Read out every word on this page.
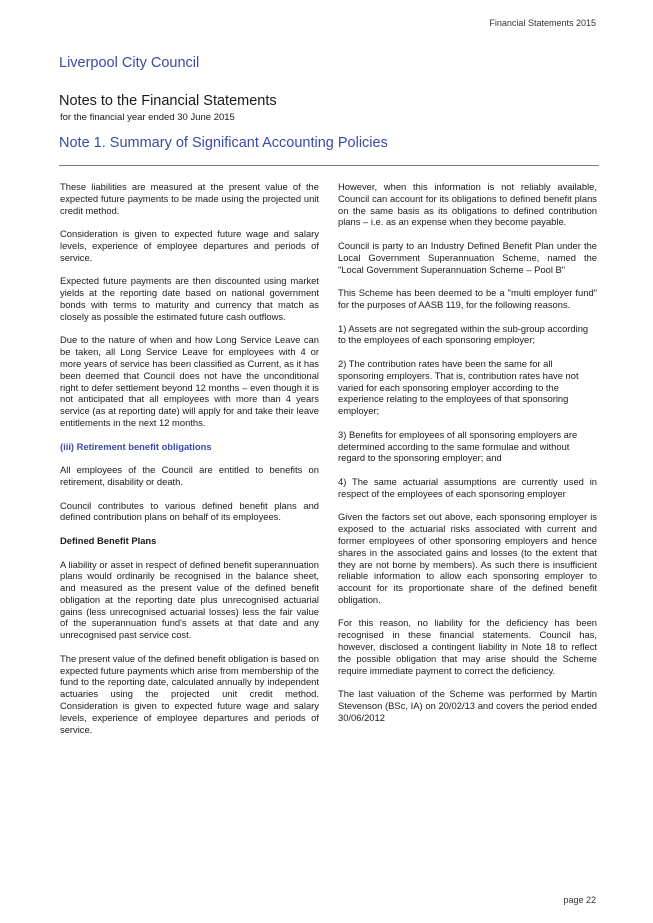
Financial Statements 2015
Liverpool City Council
Notes to the Financial Statements
for the financial year ended 30 June 2015
Note 1. Summary of Significant Accounting Policies

These liabilities are measured at the present value of the expected future payments to be made using the projected unit credit method.

Consideration is given to expected future wage and salary levels, experience of employee departures and periods of service.

Expected future payments are then discounted using market yields at the reporting date based on national government bonds with terms to maturity and currency that match as closely as possible the estimated future cash outflows.

Due to the nature of when and how Long Service Leave can be taken, all Long Service Leave for employees with 4 or more years of service has been classified as Current, as it has been deemed that Council does not have the unconditional right to defer settlement beyond 12 months – even though it is not anticipated that all employees with more than 4 years service (as at reporting date) will apply for and take their leave entitlements in the next 12 months.

(iii) Retirement benefit obligations

All employees of the Council are entitled to benefits on retirement, disability or death.

Council contributes to various defined benefit plans and defined contribution plans on behalf of its employees.

Defined Benefit Plans

A liability or asset in respect of defined benefit superannuation plans would ordinarily be recognised in the balance sheet, and measured as the present value of the defined benefit obligation at the reporting date plus unrecognised actuarial gains (less unrecognised actuarial losses) less the fair value of the superannuation fund's assets at that date and any unrecognised past service cost.

The present value of the defined benefit obligation is based on expected future payments which arise from membership of the fund to the reporting date, calculated annually by independent actuaries using the projected unit credit method. Consideration is given to expected future wage and salary levels, experience of employee departures and periods of service.

However, when this information is not reliably available, Council can account for its obligations to defined benefit plans on the same basis as its obligations to defined contribution plans – i.e. as an expense when they become payable.

Council is party to an Industry Defined Benefit Plan under the Local Government Superannuation Scheme, named the "Local Government Superannuation Scheme – Pool B"

This Scheme has been deemed to be a "multi employer fund" for the purposes of AASB 119, for the following reasons.

1) Assets are not segregated within the sub-group according to the employees of each sponsoring employer;

2) The contribution rates have been the same for all sponsoring employers. That is, contribution rates have not varied for each sponsoring employer according to the experience relating to the employees of that sponsoring employer;

3) Benefits for employees of all sponsoring employers are determined according to the same formulae and without regard to the sponsoring employer; and

4) The same actuarial assumptions are currently used in respect of the employees of each sponsoring employer

Given the factors set out above, each sponsoring employer is exposed to the actuarial risks associated with current and former employees of other sponsoring employers and hence shares in the associated gains and losses (to the extent that they are not borne by members). As such there is insufficient reliable information to allow each sponsoring employer to account for its proportionate share of the defined benefit obligation.

For this reason, no liability for the deficiency has been recognised in these financial statements. Council has, however, disclosed a contingent liability in Note 18 to reflect the possible obligation that may arise should the Scheme require immediate payment to correct the deficiency.

The last valuation of the Scheme was performed by Martin Stevenson (BSc, IA) on 20/02/13 and covers the period ended 30/06/2012

page 22
